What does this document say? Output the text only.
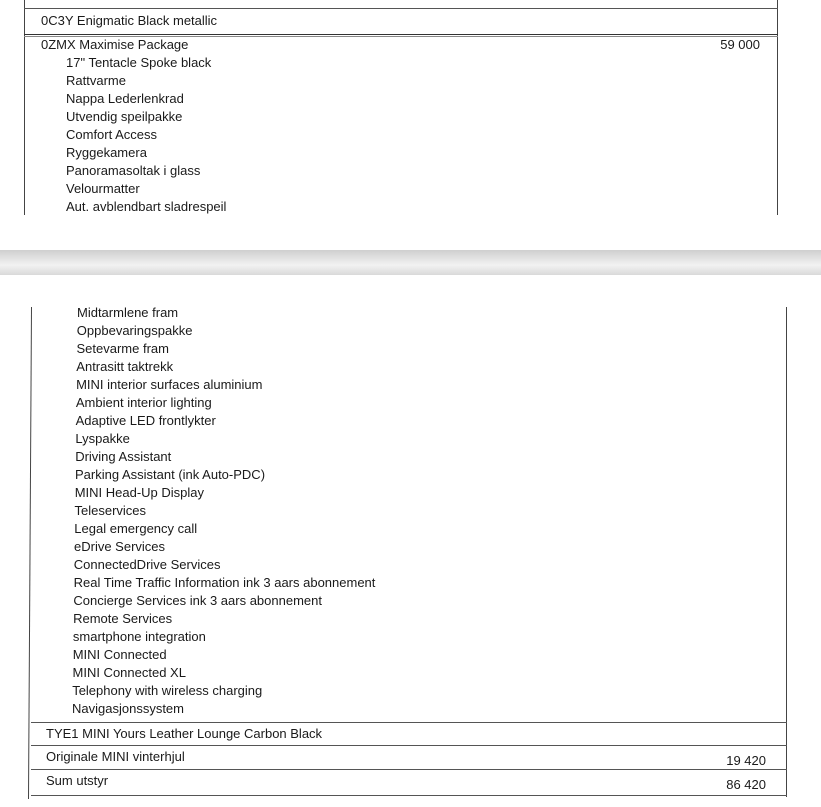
0C3Y Enigmatic Black metallic
0ZMX Maximise Package	59 000
17" Tentacle Spoke black
Rattvarme
Nappa Lederlenkrad
Utvendig speilpakke
Comfort Access
Ryggekamera
Panoramasoltak i glass
Velourmatter
Aut. avblendbart sladrespeil
Midtarmlene fram
Oppbevaringspakke
Setevarme fram
Antrasitt taktrekk
MINI interior surfaces aluminium
Ambient interior lighting
Adaptive LED frontlykter
Lyspakke
Driving Assistant
Parking Assistant (ink Auto-PDC)
MINI Head-Up Display
Teleservices
Legal emergency call
eDrive Services
ConnectedDrive Services
Real Time Traffic Information ink 3 aars abonnement
Concierge Services ink 3 aars abonnement
Remote Services
smartphone integration
MINI Connected
MINI Connected XL
Telephony with wireless charging
Navigasjonssystem
TYE1 MINI Yours Leather Lounge Carbon Black
Originale MINI vinterhjul	19 420
Sum utstyr	86 420
